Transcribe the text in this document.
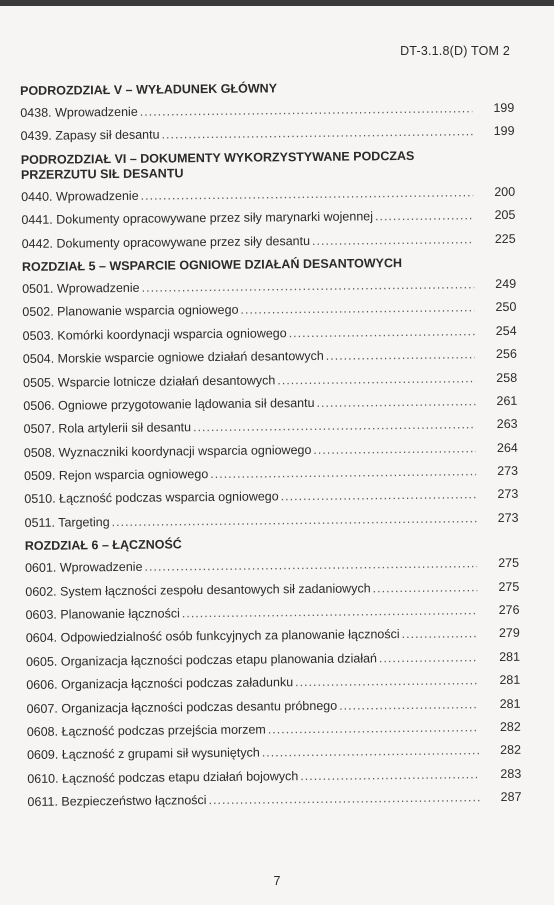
DT-3.1.8(D) TOM 2
PODROZDZIAŁ V – WYŁADUNEK GŁÓWNY
0438. Wprowadzenie .....	199
0439. Zapasy sił desantu .....	199
PODROZDZIAŁ VI – DOKUMENTY WYKORZYSTYWANE PODCZAS PRZERZUTU SIŁ DESANTU
0440. Wprowadzenie .....	200
0441. Dokumenty opracowywane przez siły marynarki wojennej .....	205
0442. Dokumenty opracowywane przez siły desantu .....	225
ROZDZIAŁ 5 – WSPARCIE OGNIOWE DZIAŁAŃ DESANTOWYCH
0501. Wprowadzenie .....	249
0502. Planowanie wsparcia ogniowego .....	250
0503. Komórki koordynacji wsparcia ogniowego .....	254
0504. Morskie wsparcie ogniowe działań desantowych .....	256
0505. Wsparcie lotnicze działań desantowych .....	258
0506. Ogniowe przygotowanie lądowania sił desantu .....	261
0507. Rola artylerii sił desantu .....	263
0508. Wyznaczniki koordynacji wsparcia ogniowego .....	264
0509. Rejon wsparcia ogniowego .....	273
0510. Łączność podczas wsparcia ogniowego .....	273
0511. Targeting .....	273
ROZDZIAŁ 6 – ŁĄCZNOŚĆ
0601. Wprowadzenie .....	275
0602. System łączności zespołu desantowych sił zadaniowych .....	275
0603. Planowanie łączności .....	276
0604. Odpowiedzialność osób funkcyjnych za planowanie łączności .....	279
0605. Organizacja łączności podczas etapu planowania działań .....	281
0606. Organizacja łączności podczas załadunku .....	281
0607. Organizacja łączności podczas desantu próbnego .....	281
0608. Łączność podczas przejścia morzem .....	282
0609. Łączność z grupami sił wysuniętych .....	282
0610. Łączność podczas etapu działań bojowych .....	283
0611. Bezpieczeństwo łączności .....	287
7
